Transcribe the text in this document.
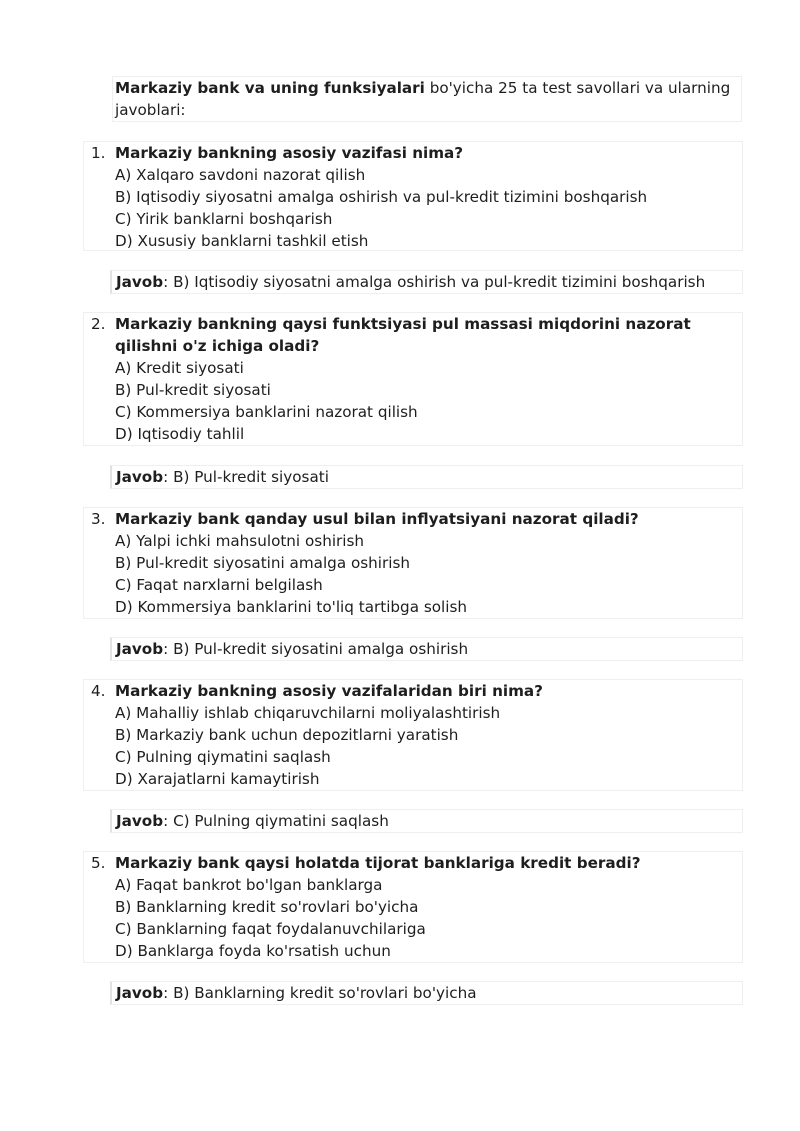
Markaziy bank va uning funksiyalari bo'yicha 25 ta test savollari va ularning javoblari:
1. Markaziy bankning asosiy vazifasi nima?
A) Xalqaro savdoni nazorat qilish
B) Iqtisodiy siyosatni amalga oshirish va pul-kredit tizimini boshqarish
C) Yirik banklarni boshqarish
D) Xususiy banklarni tashkil etish
Javob: B) Iqtisodiy siyosatni amalga oshirish va pul-kredit tizimini boshqarish
2. Markaziy bankning qaysi funktsiyasi pul massasi miqdorini nazorat qilishni o'z ichiga oladi?
A) Kredit siyosati
B) Pul-kredit siyosati
C) Kommersiya banklarini nazorat qilish
D) Iqtisodiy tahlil
Javob: B) Pul-kredit siyosati
3. Markaziy bank qanday usul bilan inflyatsiyani nazorat qiladi?
A) Yalpi ichki mahsulotni oshirish
B) Pul-kredit siyosatini amalga oshirish
C) Faqat narxlarni belgilash
D) Kommersiya banklarini to'liq tartibga solish
Javob: B) Pul-kredit siyosatini amalga oshirish
4. Markaziy bankning asosiy vazifalaridan biri nima?
A) Mahalliy ishlab chiqaruvchilarni moliyalashtirish
B) Markaziy bank uchun depozitlarni yaratish
C) Pulning qiymatini saqlash
D) Xarajatlarni kamaytirish
Javob: C) Pulning qiymatini saqlash
5. Markaziy bank qaysi holatda tijorat banklariga kredit beradi?
A) Faqat bankrot bo'lgan banklarga
B) Banklarning kredit so'rovlari bo'yicha
C) Banklarning faqat foydalanuvchilariga
D) Banklarga foyda ko'rsatish uchun
Javob: B) Banklarning kredit so'rovlari bo'yicha
